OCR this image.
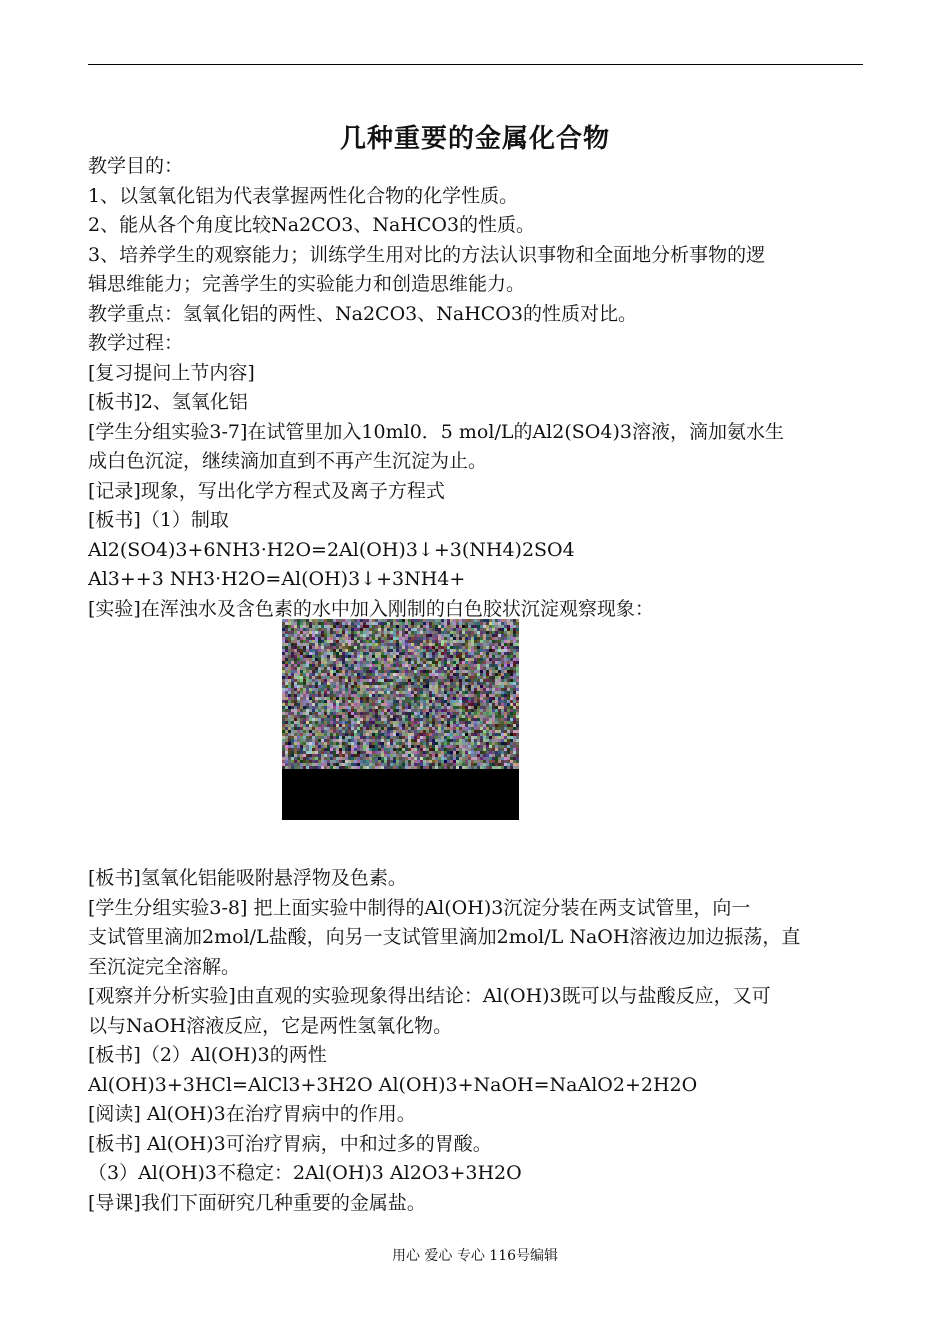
几种重要的金属化合物
教学目的：
1、以氢氧化铝为代表掌握两性化合物的化学性质。
2、能从各个角度比较Na2CO3、NaHCO3的性质。
3、培养学生的观察能力；训练学生用对比的方法认识事物和全面地分析事物的逻
辑思维能力；完善学生的实验能力和创造思维能力。
教学重点：氢氧化铝的两性、Na2CO3、NaHCO3的性质对比。
教学过程：
[复习提问上节内容]
[板书]2、氢氧化铝
[学生分组实验3-7]在试管里加入10ml0．5 mol/L的Al2(SO4)3溶液，滴加氨水生
成白色沉淀，继续滴加直到不再产生沉淀为止。
[记录]现象，写出化学方程式及离子方程式
[板书]（1）制取
Al2(SO4)3+6NH3·H2O=2Al(OH)3↓+3(NH4)2SO4
Al3++3 NH3·H2O=Al(OH)3↓+3NH4+
[实验]在浑浊水及含色素的水中加入刚制的白色胶状沉淀观察现象：
[板书]氢氧化铝能吸附悬浮物及色素。
[学生分组实验3-8] 把上面实验中制得的Al(OH)3沉淀分装在两支试管里，向一
支试管里滴加2mol/L盐酸，向另一支试管里滴加2mol/L NaOH溶液边加边振荡，直
至沉淀完全溶解。
[观察并分析实验]由直观的实验现象得出结论：Al(OH)3既可以与盐酸反应，又可
以与NaOH溶液反应，它是两性氢氧化物。
[板书]（2）Al(OH)3的两性
Al(OH)3+3HCl=AlCl3+3H2O Al(OH)3+NaOH=NaAlO2+2H2O
[阅读] Al(OH)3在治疗胃病中的作用。
[板书] Al(OH)3可治疗胃病，中和过多的胃酸。
（3）Al(OH)3不稳定：2Al(OH)3 Al2O3+3H2O
[导课]我们下面研究几种重要的金属盐。
用心 爱心 专心 116号编辑
